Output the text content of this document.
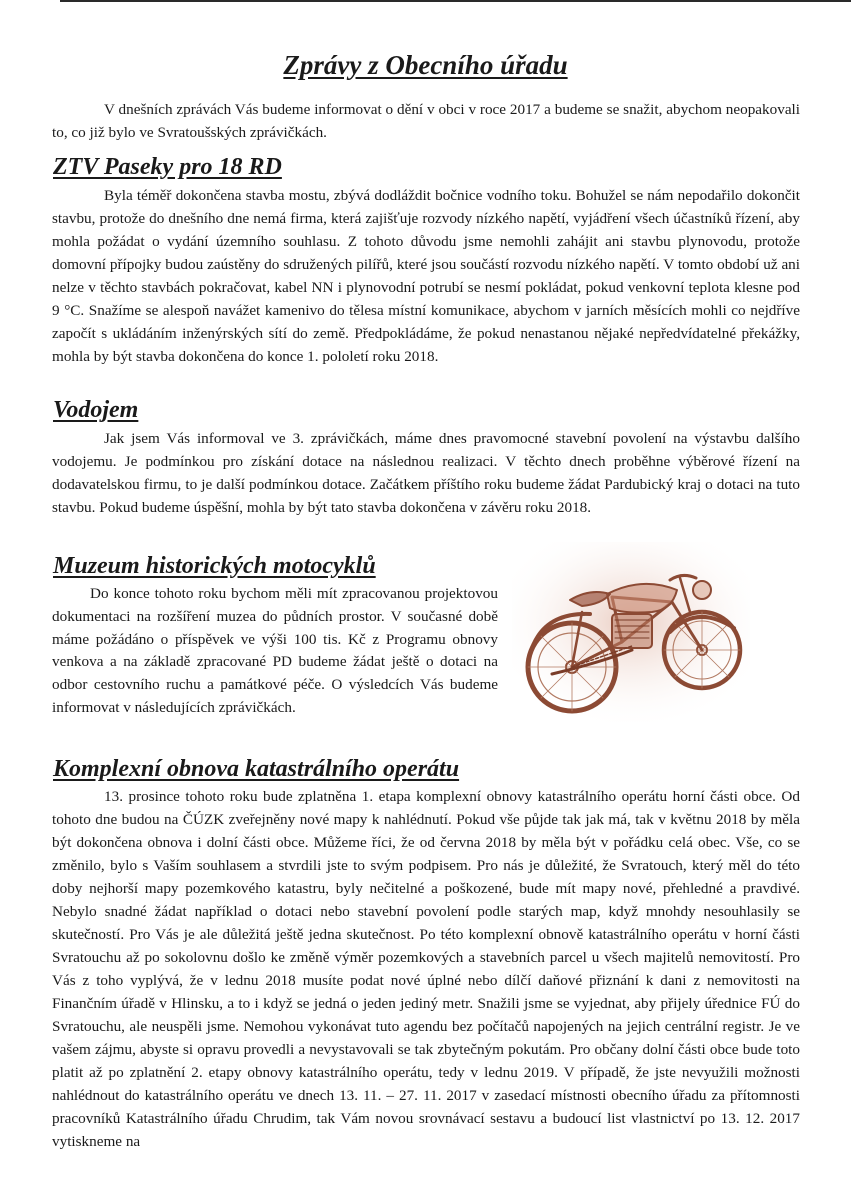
Zprávy z Obecního úřadu

V dnešních zprávách Vás budeme informovat o dění v obci v roce 2017 a budeme se snažit, abychom neopakovali to, co již bylo ve Svratoušských zprávičkách.

ZTV Paseky pro 18 RD

Byla téměř dokončena stavba mostu, zbývá dodláždit bočnice vodního toku. Bohužel se nám nepodařilo dokončit stavbu, protože do dnešního dne nemá firma, která zajišťuje rozvody nízkého napětí, vyjádření všech účastníků řízení, aby mohla požádat o vydání územního souhlasu. Z tohoto důvodu jsme nemohli zahájit ani stavbu plynovodu, protože domovní přípojky budou zaústěny do sdružených pilířů, které jsou součástí rozvodu nízkého napětí. V tomto období už ani nelze v těchto stavbách pokračovat, kabel NN i plynovodní potrubí se nesmí pokládat, pokud venkovní teplota klesne pod 9 °C. Snažíme se alespoň navážet kamenivo do tělesa místní komunikace, abychom v jarních měsících mohli co nejdříve započít s ukládáním inženýrských sítí do země. Předpokládáme, že pokud nenastanou nějaké nepředvídatelné překážky, mohla by být stavba dokončena do konce 1. pololetí roku 2018.

Vodojem

Jak jsem Vás informoval ve 3. zprávičkách, máme dnes pravomocné stavební povolení na výstavbu dalšího vodojemu. Je podmínkou pro získání dotace na následnou realizaci. V těchto dnech proběhne výběrové řízení na dodavatelskou firmu, to je další podmínkou dotace. Začátkem příštího roku budeme žádat Pardubický kraj o dotaci na tuto stavbu. Pokud budeme úspěšní, mohla by být tato stavba dokončena v závěru roku 2018.

Muzeum historických motocyklů

Do konce tohoto roku bychom měli mít zpracovanou projektovou dokumentaci na rozšíření muzea do půdních prostor. V současné době máme požádáno o příspěvek ve výši 100 tis. Kč z Programu obnovy venkova a na základě zpracované PD budeme žádat ještě o dotaci na odbor cestovního ruchu a památkové péče. O výsledcích Vás budeme informovat v následujících zprávičkách.

Komplexní obnova katastrálního operátu

13. prosince tohoto roku bude zplatněna 1. etapa komplexní obnovy katastrálního operátu horní části obce. Od tohoto dne budou na ČÚZK zveřejněny nové mapy k nahlédnutí. Pokud vše půjde tak jak má, tak v květnu 2018 by měla být dokončena obnova i dolní části obce. Můžeme říci, že od června 2018 by měla být v pořádku celá obec. Vše, co se změnilo, bylo s Vaším souhlasem a stvrdili jste to svým podpisem. Pro nás je důležité, že Svratouch, který měl do této doby nejhorší mapy pozemkového katastru, byly nečitelné a poškozené, bude mít mapy nové, přehledné a pravdivé. Nebylo snadné žádat například o dotaci nebo stavební povolení podle starých map, když mnohdy nesouhlasily se skutečností. Pro Vás je ale důležitá ještě jedna skutečnost. Po této komplexní obnově katastrálního operátu v horní části Svratouchu až po sokolovnu došlo ke změně výměr pozemkových a stavebních parcel u všech majitelů nemovitostí. Pro Vás z toho vyplývá, že v lednu 2018 musíte podat nové úplné nebo dílčí daňové přiznání k dani z nemovitosti na Finančním úřadě v Hlinsku, a to i když se jedná o jeden jediný metr. Snažili jsme se vyjednat, aby přijely úřednice FÚ do Svratouchu, ale neuspěli jsme. Nemohou vykonávat tuto agendu bez počítačů napojených na jejich centrální registr. Je ve vašem zájmu, abyste si opravu provedli a nevystavovali se tak zbytečným pokutám. Pro občany dolní části obce bude toto platit až po zplatnění 2. etapy obnovy katastrálního operátu, tedy v lednu 2019. V případě, že jste nevyužili možnosti nahlédnout do katastrálního operátu ve dnech 13. 11. – 27. 11. 2017 v zasedací místnosti obecního úřadu za přítomnosti pracovníků Katastrálního úřadu Chrudim, tak Vám novou srovnávací sestavu a budoucí list vlastnictví po 13. 12. 2017 vytiskneme na
